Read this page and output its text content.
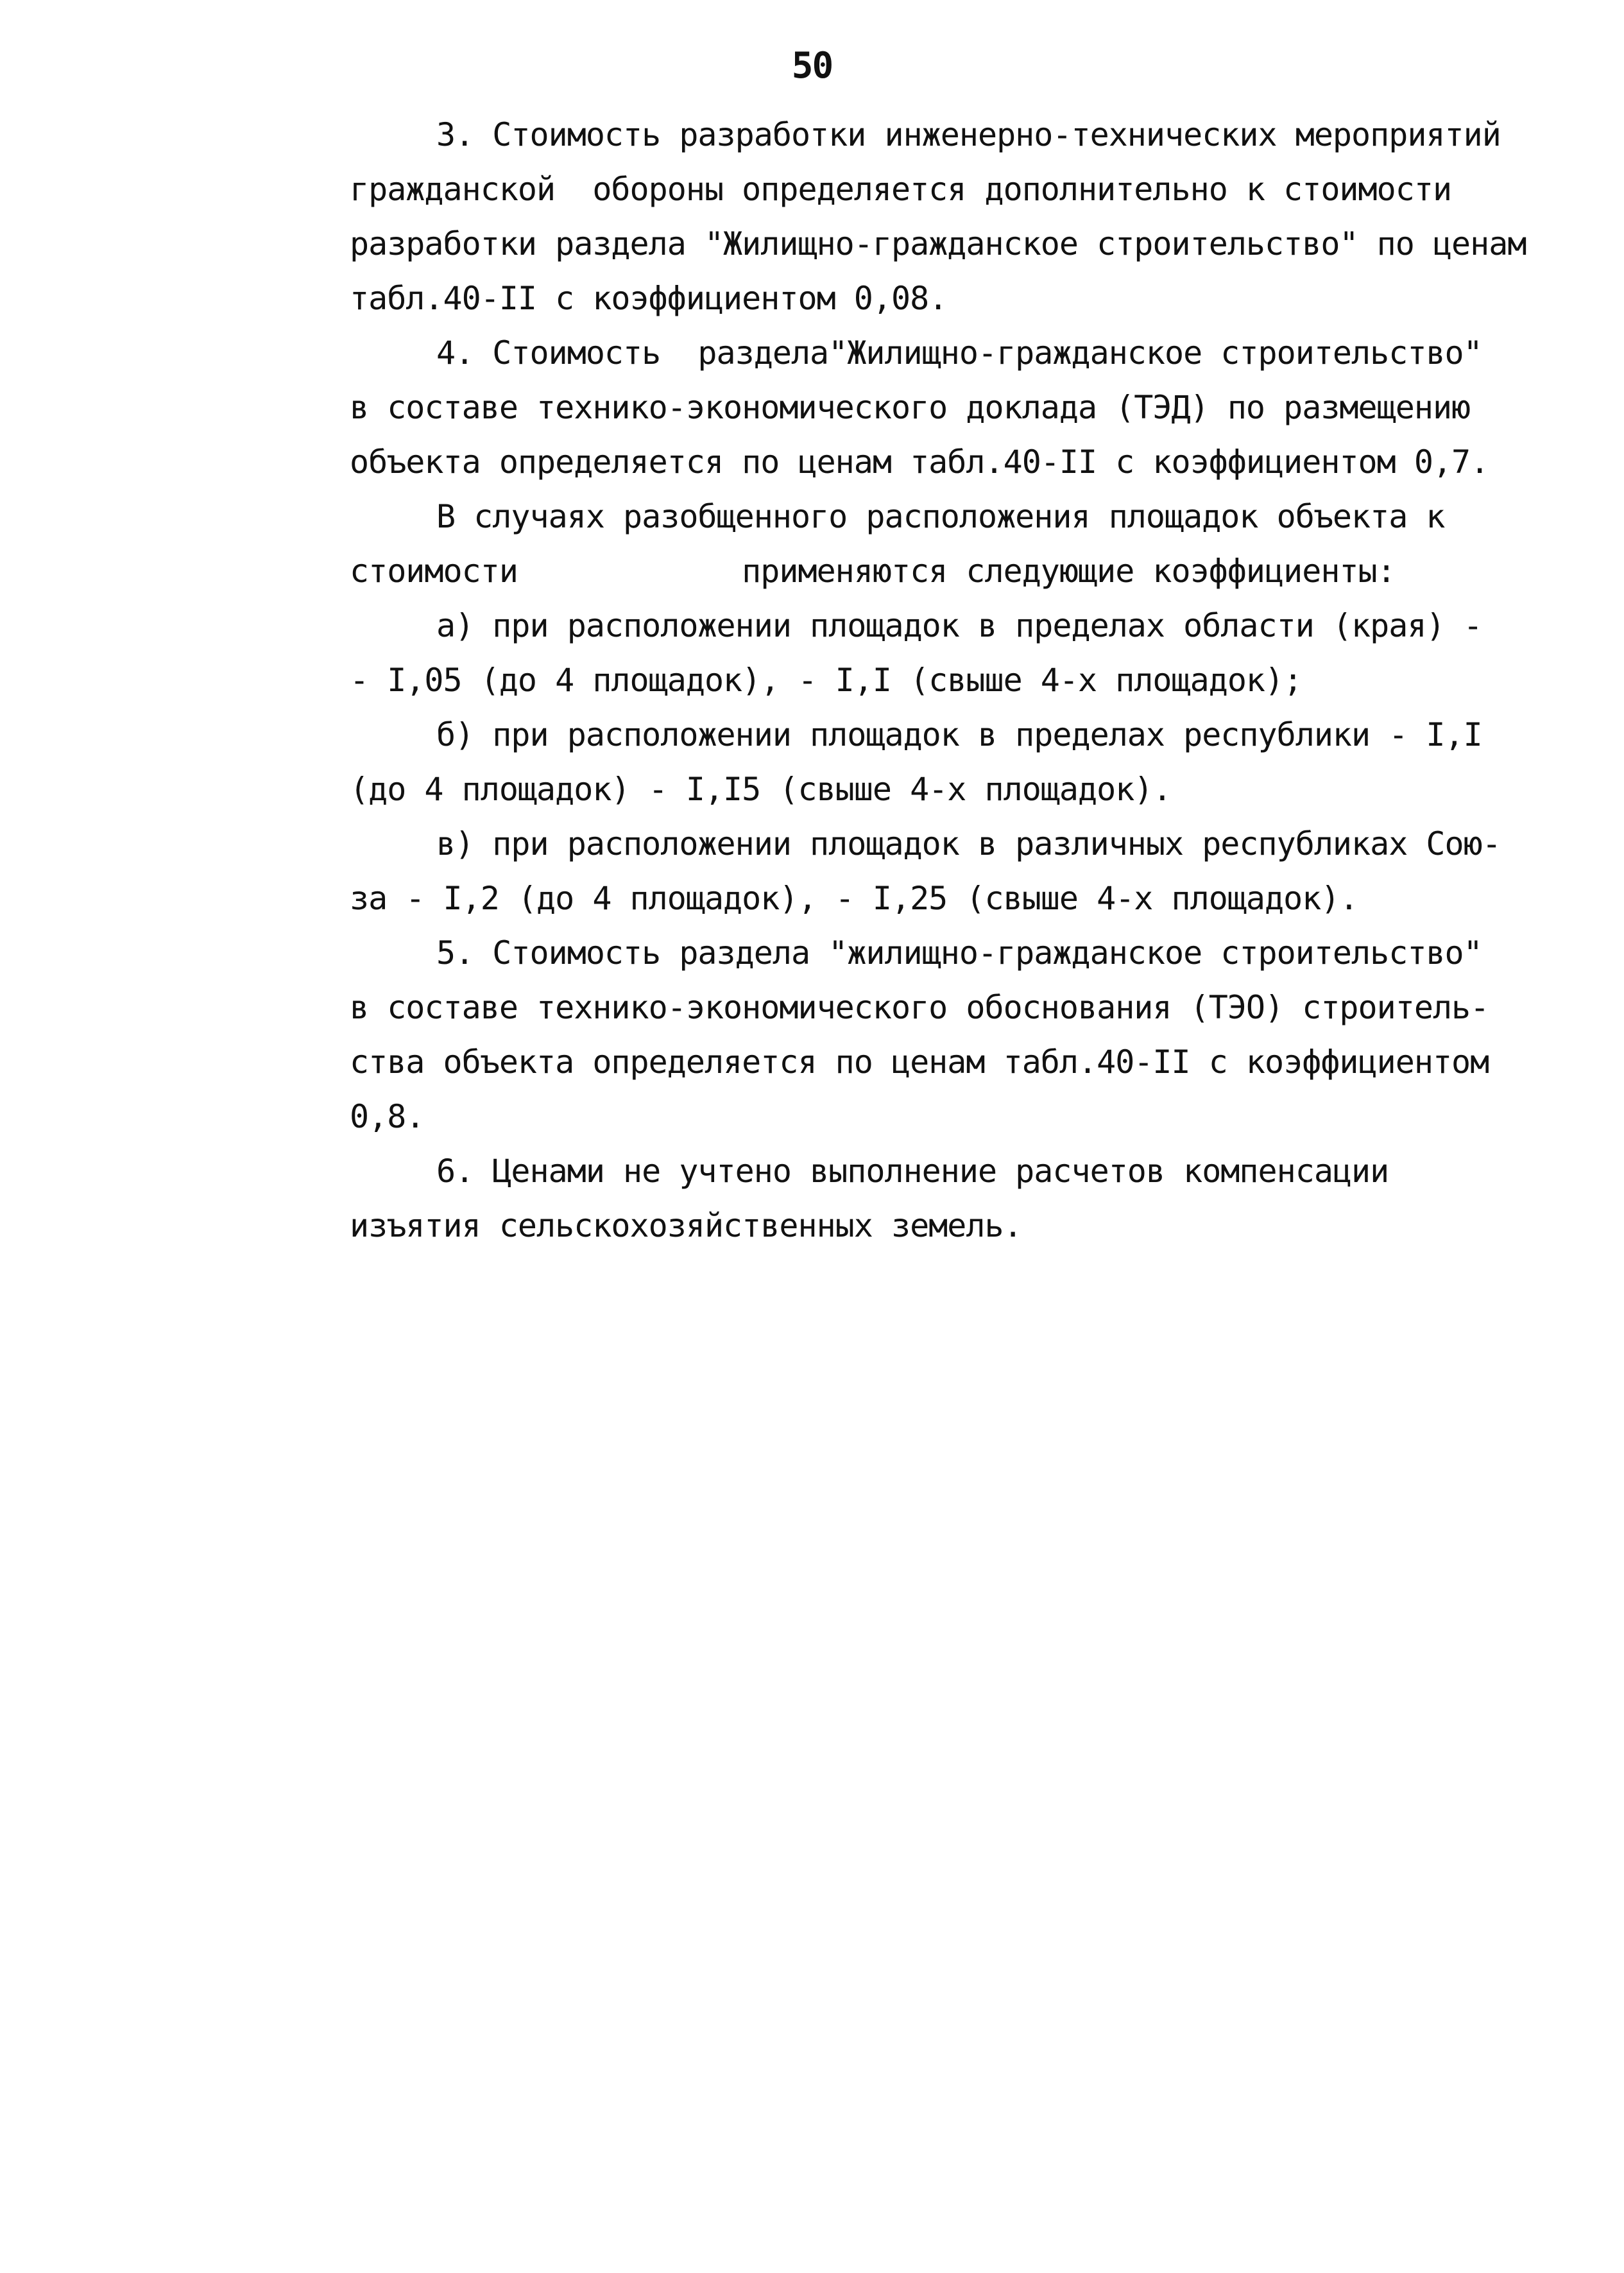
50
3. Стоимость разработки инженерно-технических мероприятий
гражданской  обороны определяется дополнительно к стоимости
разработки раздела "Жилищно-гражданское строительство" по ценам
табл.40-II с коэффициентом 0,08.
4. Стоимость  раздела"Жилищно-гражданское строительство"
в составе технико-экономического доклада (ТЭД) по размещению
объекта определяется по ценам табл.40-II с коэффициентом 0,7.
В случаях разобщенного расположения площадок объекта к
стоимости            применяются следующие коэффициенты:
а) при расположении площадок в пределах области (края) -
- I,05 (до 4 площадок), - I,I (свыше 4-х площадок);
б) при расположении площадок в пределах республики - I,I
(до 4 площадок) - I,I5 (свыше 4-х площадок).
в) при расположении площадок в различных республиках Сою-
за - I,2 (до 4 площадок), - I,25 (свыше 4-х площадок).
5. Стоимость раздела "жилищно-гражданское строительство"
в составе технико-экономического обоснования (ТЭО) строитель-
ства объекта определяется по ценам табл.40-II с коэффициентом
0,8.
6. Ценами не учтено выполнение расчетов компенсации
изъятия сельскохозяйственных земель.
